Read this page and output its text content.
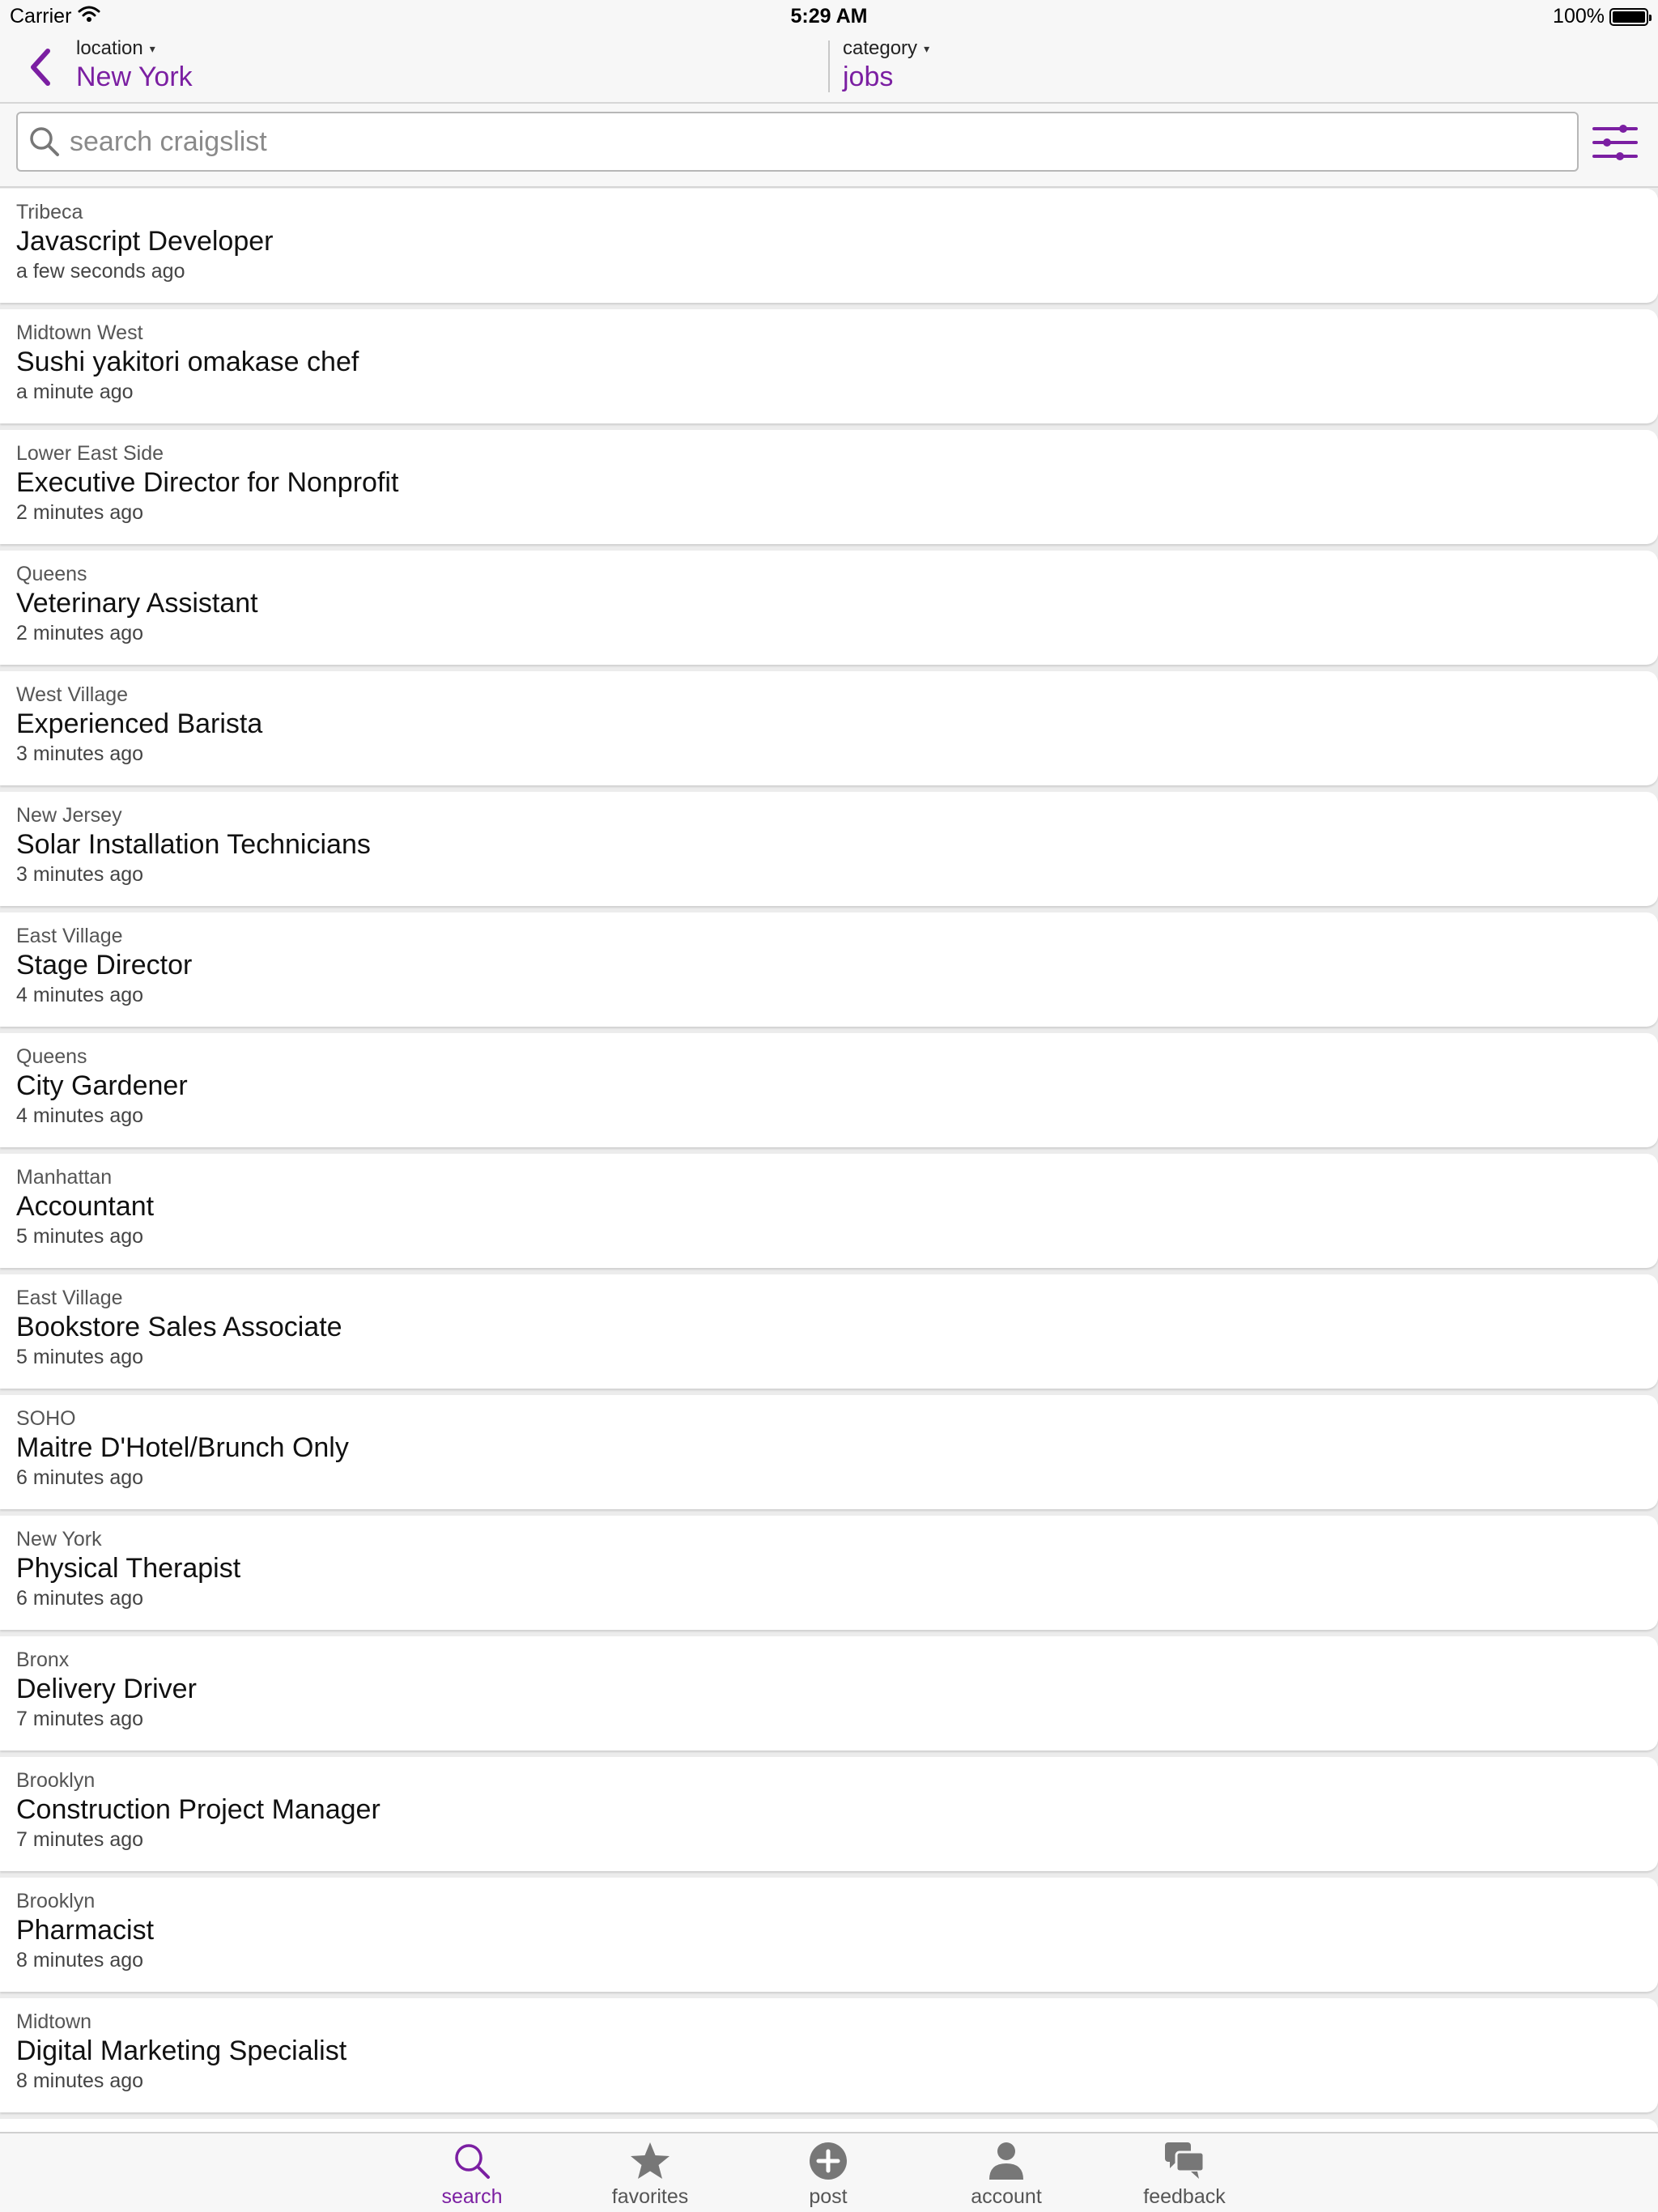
Carrier	5:29 AM	100%
location ▾
New York
category ▾
jobs
search craigslist
Tribeca
Javascript Developer
a few seconds ago
Midtown West
Sushi yakitori omakase chef
a minute ago
Lower East Side
Executive Director for Nonprofit
2 minutes ago
Queens
Veterinary Assistant
2 minutes ago
West Village
Experienced Barista
3 minutes ago
New Jersey
Solar Installation Technicians
3 minutes ago
East Village
Stage Director
4 minutes ago
Queens
City Gardener
4 minutes ago
Manhattan
Accountant
5 minutes ago
East Village
Bookstore Sales Associate
5 minutes ago
SOHO
Maitre D'Hotel/Brunch Only
6 minutes ago
New York
Physical Therapist
6 minutes ago
Bronx
Delivery Driver
7 minutes ago
Brooklyn
Construction Project Manager
7 minutes ago
Brooklyn
Pharmacist
8 minutes ago
Midtown
Digital Marketing Specialist
8 minutes ago
search	favorites	post	account	feedback
